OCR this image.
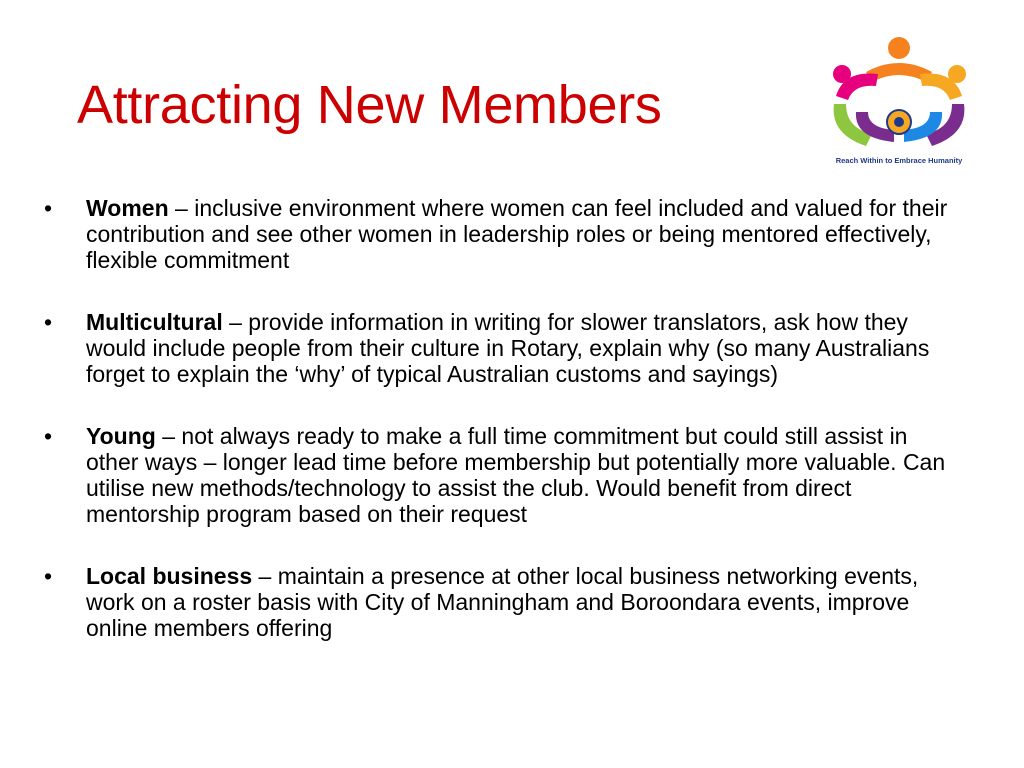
Attracting New Members
Reach Within to Embrace Humanity
• Women – inclusive environment where women can feel included and valued for their contribution and see other women in leadership roles or being mentored effectively, flexible commitment
• Multicultural – provide information in writing for slower translators, ask how they would include people from their culture in Rotary, explain why (so many Australians forget to explain the ‘why’ of typical Australian customs and sayings)
• Young – not always ready to make a full time commitment but could still assist in other ways – longer lead time before membership but potentially more valuable. Can utilise new methods/technology to assist the club. Would benefit from direct mentorship program based on their request
• Local business – maintain a presence at other local business networking events, work on a roster basis with City of Manningham and Boroondara events, improve online members offering
